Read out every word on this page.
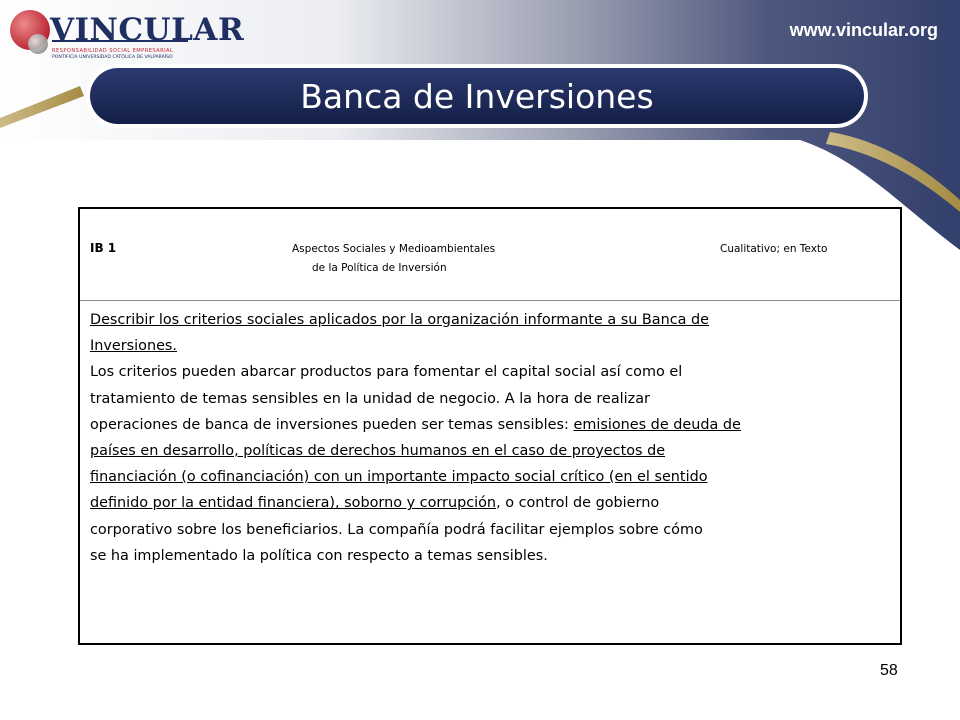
VINCULAR
RESPONSABILIDAD SOCIAL EMPRESARIAL
PONTIFICIA UNIVERSIDAD CATÓLICA DE VALPARAÍSO
www.vincular.org
Banca de Inversiones
IB 1	Aspectos Sociales y Medioambientales
de la Política de Inversión
Cualitativo; en Texto
Describir los criterios sociales aplicados por la organización informante a su Banca de
Inversiones.
Los criterios pueden abarcar productos para fomentar el capital social así como el
tratamiento de temas sensibles en la unidad de negocio. A la hora de realizar
operaciones de banca de inversiones pueden ser temas sensibles: emisiones de deuda de
países en desarrollo, políticas de derechos humanos en el caso de proyectos de
financiación (o cofinanciación) con un importante impacto social crítico (en el sentido
definido por la entidad financiera), soborno y corrupción, o control de gobierno
corporativo sobre los beneficiarios. La compañía podrá facilitar ejemplos sobre cómo
se ha implementado la política con respecto a temas sensibles.
58
